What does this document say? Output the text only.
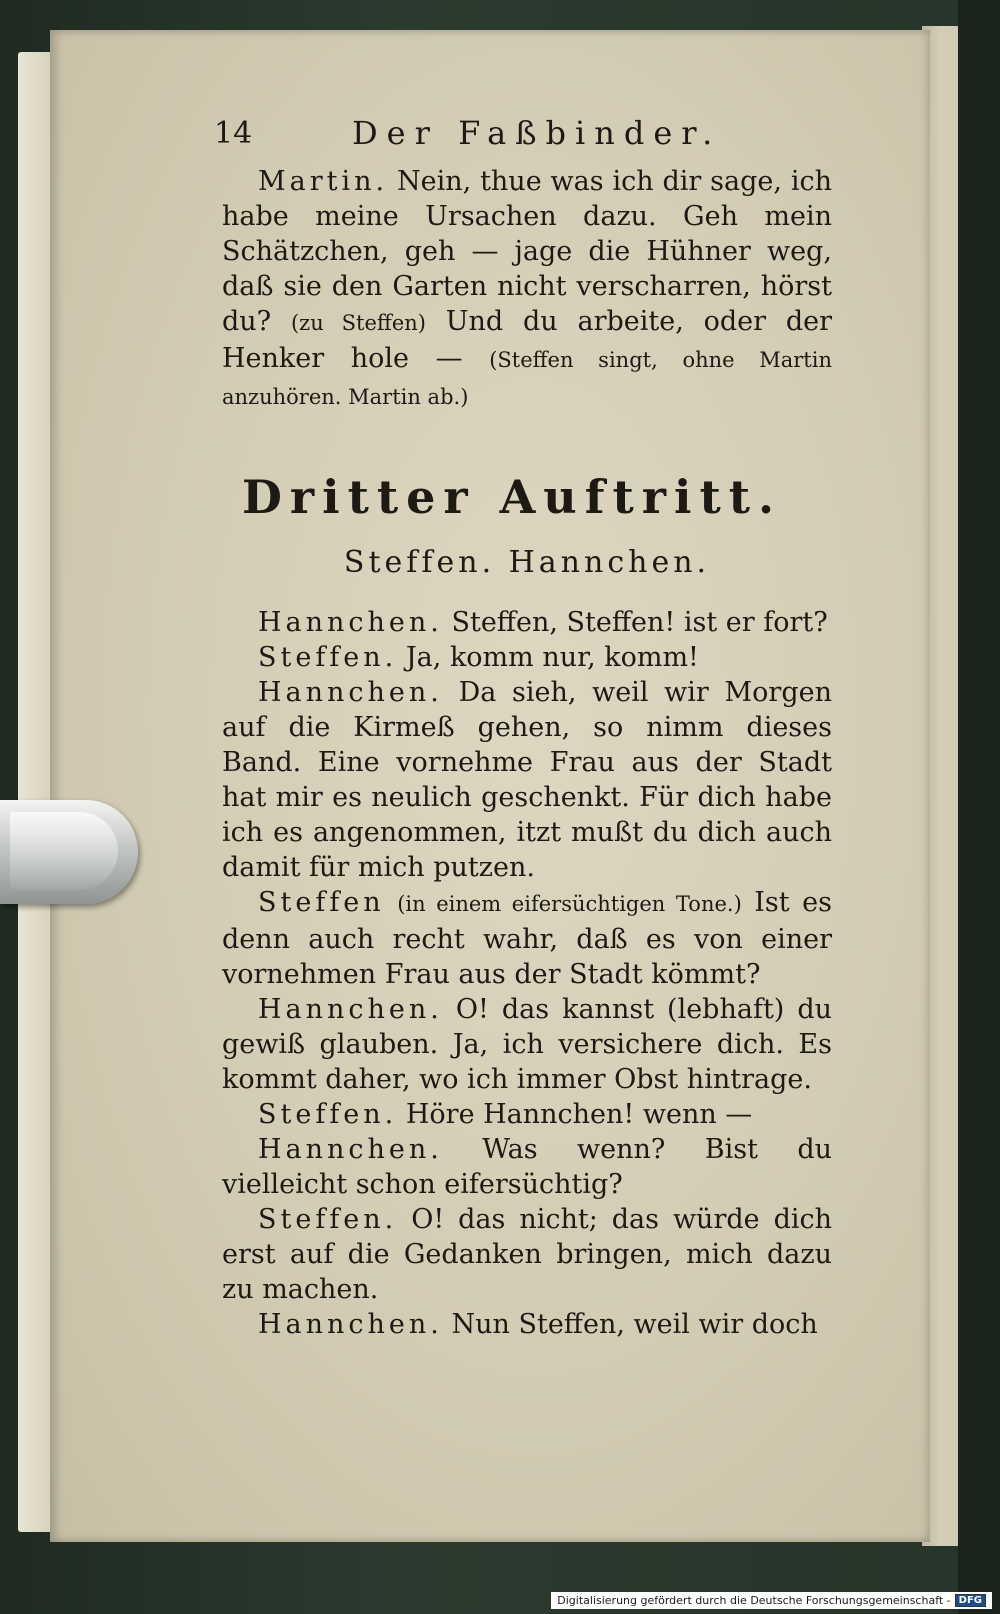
14	Der Faßbinder.

Martin. Nein, thue was ich dir sage, ich habe meine Ursachen dazu. Geh mein Schätzchen, geh — jage die Hühner weg, daß sie den Garten nicht verscharren, hörst du? (zu Steffen) Und du arbeite, oder der Henker hole — (Steffen singt, ohne Martin anzuhören. Martin ab.)

Dritter Auftritt.
Steffen. Hannchen.

Hannchen. Steffen, Steffen! ist er fort?

Steffen. Ja, komm nur, komm!

Hannchen. Da sieh, weil wir Morgen auf die Kirmeß gehen, so nimm dieses Band. Eine vornehme Frau aus der Stadt hat mir es neulich geschenkt. Für dich habe ich es angenommen, itzt mußt du dich auch damit für mich putzen.

Steffen (in einem eifersüchtigen Tone.) Ist es denn auch recht wahr, daß es von einer vornehmen Frau aus der Stadt kömmt?

Hannchen. O! das kannst (lebhaft) du gewiß glauben. Ja, ich versichere dich. Es kommt daher, wo ich immer Obst hintrage.

Steffen. Höre Hannchen! wenn —

Hannchen. Was wenn? Bist du vielleicht schon eifersüchtig?

Steffen. O! das nicht; das würde dich erst auf die Gedanken bringen, mich dazu zu machen.

Hannchen. Nun Steffen, weil wir doch

Digitalisierung gefördert durch die Deutsche Forschungsgemeinschaft - DFG
